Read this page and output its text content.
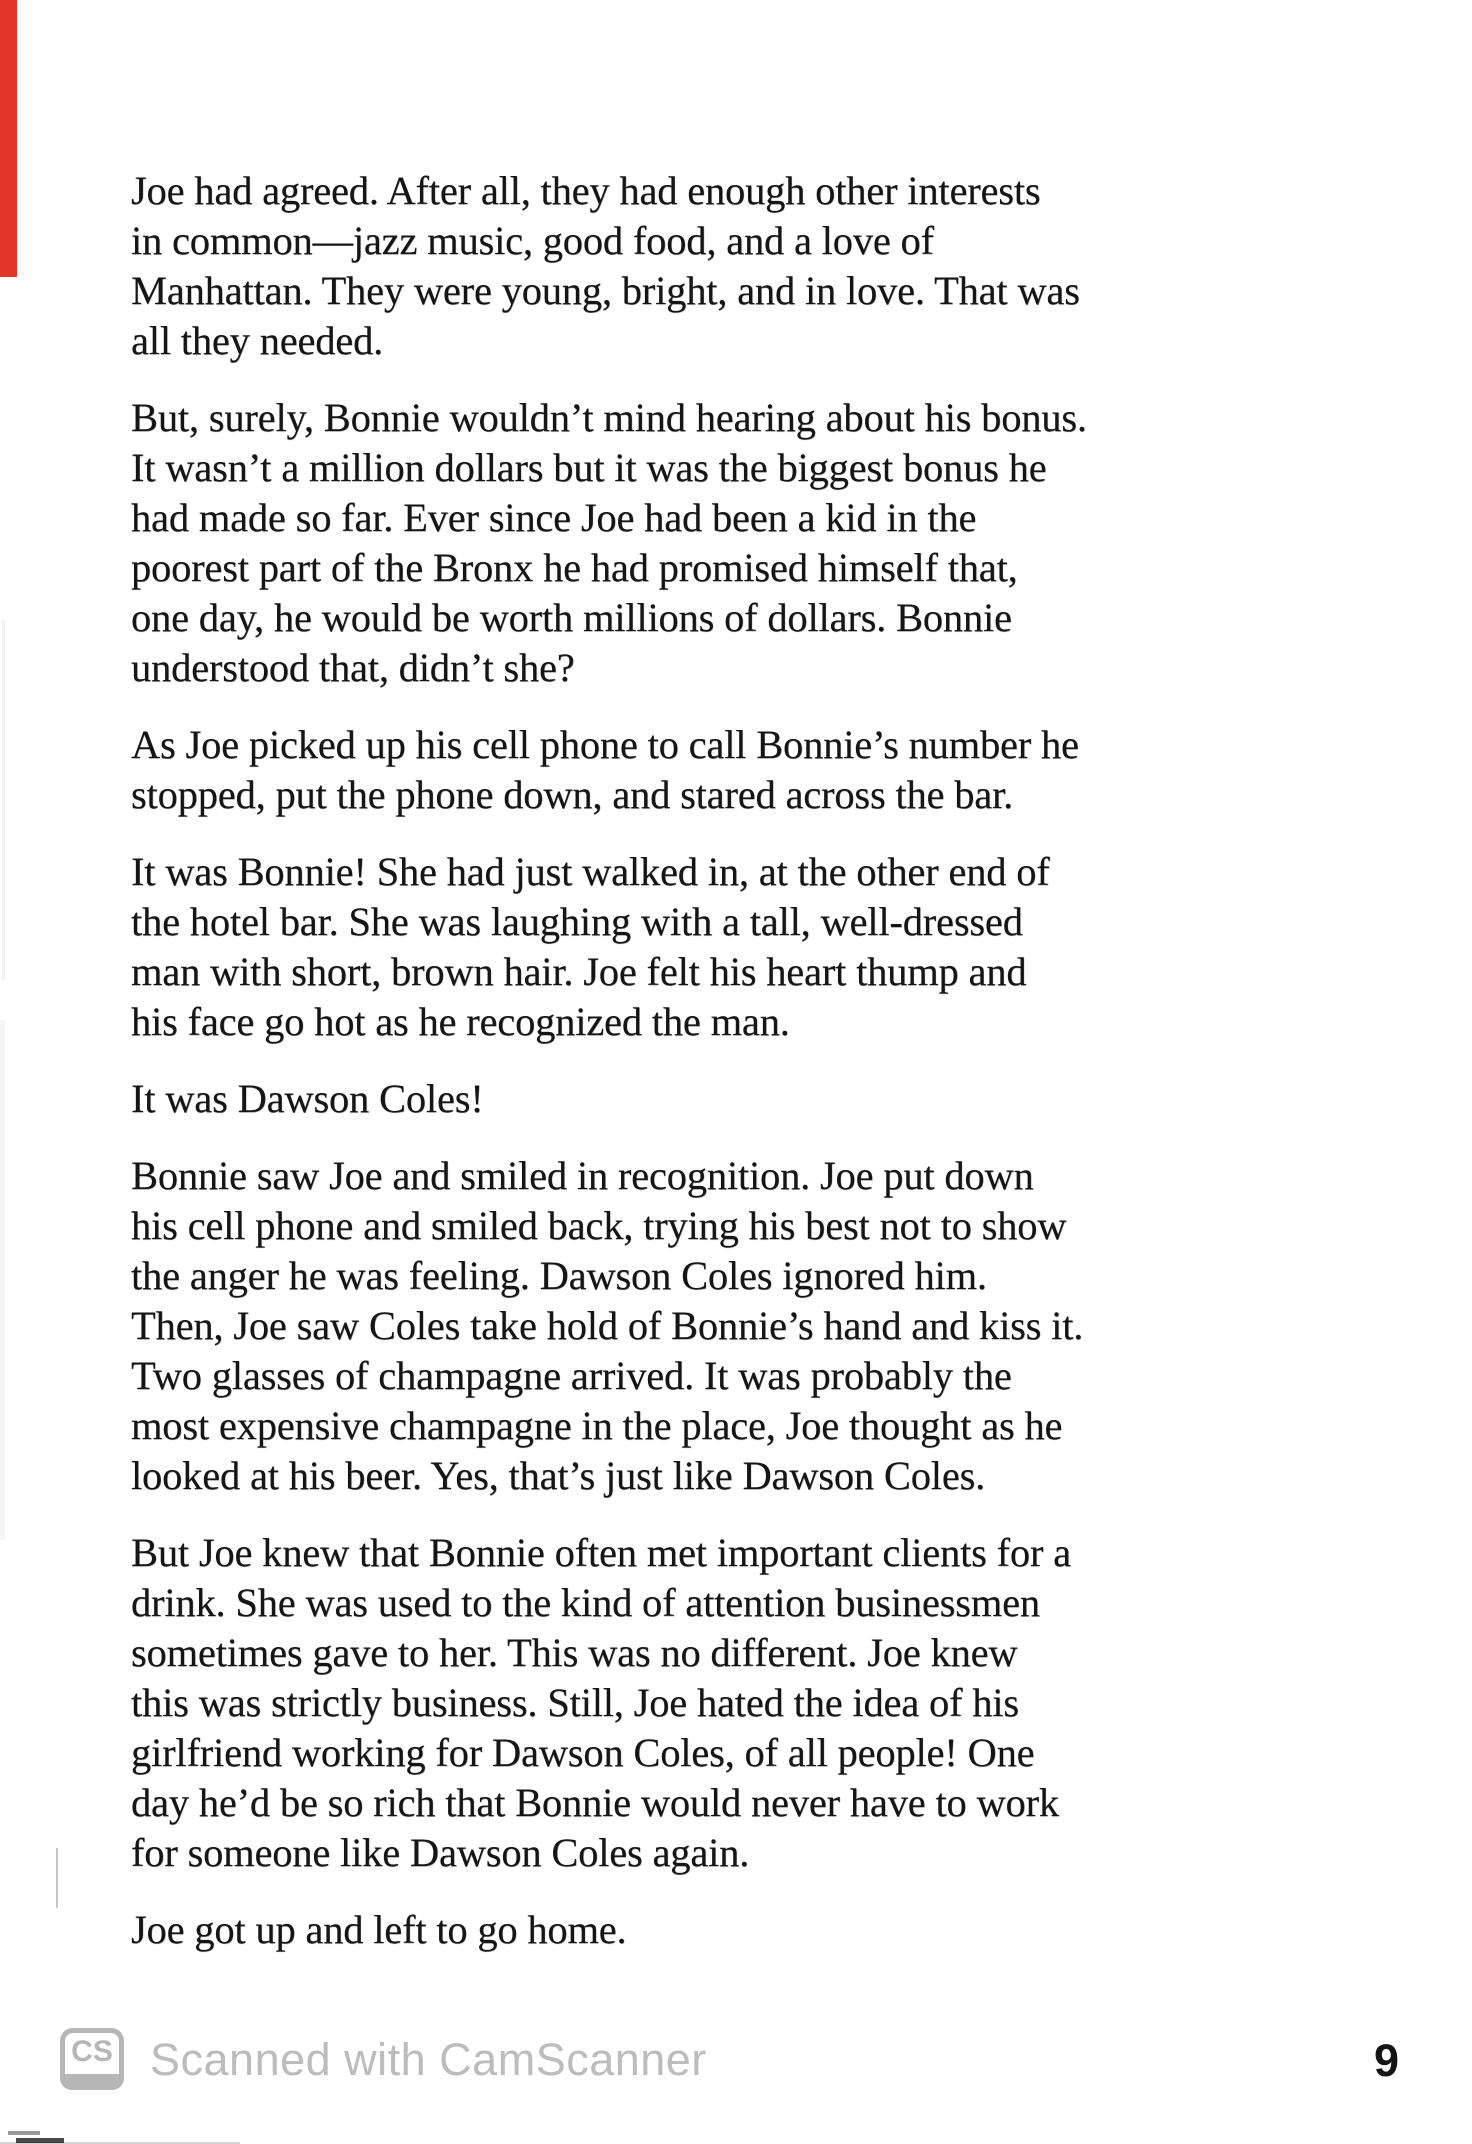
Joe had agreed. After all, they had enough other interests
in common—jazz music, good food, and a love of
Manhattan. They were young, bright, and in love. That was
all they needed.

But, surely, Bonnie wouldn’t mind hearing about his bonus.
It wasn’t a million dollars but it was the biggest bonus he
had made so far. Ever since Joe had been a kid in the
poorest part of the Bronx he had promised himself that,
one day, he would be worth millions of dollars. Bonnie
understood that, didn’t she?

As Joe picked up his cell phone to call Bonnie’s number he
stopped, put the phone down, and stared across the bar.

It was Bonnie! She had just walked in, at the other end of
the hotel bar. She was laughing with a tall, well-dressed
man with short, brown hair. Joe felt his heart thump and
his face go hot as he recognized the man.

It was Dawson Coles!

Bonnie saw Joe and smiled in recognition. Joe put down
his cell phone and smiled back, trying his best not to show
the anger he was feeling. Dawson Coles ignored him.
Then, Joe saw Coles take hold of Bonnie’s hand and kiss it.
Two glasses of champagne arrived. It was probably the
most expensive champagne in the place, Joe thought as he
looked at his beer. Yes, that’s just like Dawson Coles.

But Joe knew that Bonnie often met important clients for a
drink. She was used to the kind of attention businessmen
sometimes gave to her. This was no different. Joe knew
this was strictly business. Still, Joe hated the idea of his
girlfriend working for Dawson Coles, of all people! One
day he’d be so rich that Bonnie would never have to work
for someone like Dawson Coles again.

Joe got up and left to go home.

CS Scanned with CamScanner	9
